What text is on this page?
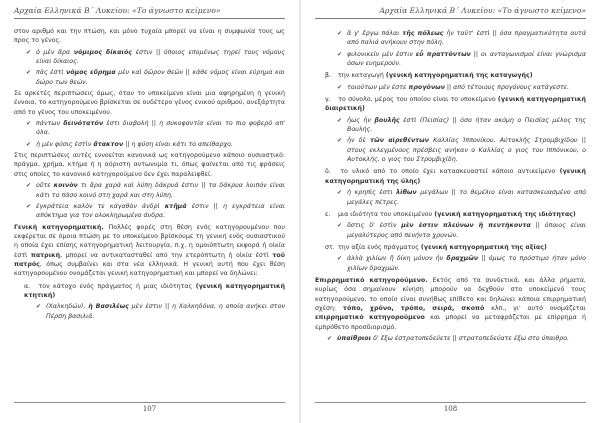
Αρχαία Ελληνικά Β΄ Λυκείου: «Το άγνωστο κείμενο»

στον αριθμό και την πτώση, και μόνο τυχαία μπορεί να είναι η συμφωνία τους ως προς το γένος.

✔ ὁ μὲν ἄρα νόμιμος δίκαιός ἐστιν || όποιος επομένως τηρεί τους νόμους είναι δίκαιος.
✔ πᾶς ἐστὶ νόμος εὕρημα μὲν καὶ δῶρον θεῶν || κάθε νόμος είναι εύρημα και δώρο των θεών.

Σε αρκετές περιπτώσεις όμως, όταν το υποκείμενο είναι μια αφηρημένη ή γενική έννοια, το κατηγορούμενο βρίσκεται σε ουδέτερο γένος ενικού αριθμού, ανεξάρτητα από το γένος του υποκειμένου.

✔ πάντων δεινότατόν ἐστι διαβολή || η συκοφαντία είναι το πιο φοβερό απ' όλα.
✔ ἡ μὲν φύσις ἐστὶν ἄτακτον || η φύση είναι κάτι το απείθαρχο.

Στις περιπτώσεις αυτές εννοείται κανονικά ως κατηγορούμενο κάποιο ουσιαστικό: πράγμα, χρήμα, κτήμα ή η αόριστη αντωνυμία τι, όπως φαίνεται από τις φράσεις στις οποίες το κανονικό κατηγορούμενο δεν έχει παραλειφθεί.

✔ οὔτε κοινὸν τι ἄρα χαρὰ καὶ λύπη δάκρυά ἐστιν || τα δάκρυα λοιπόν είναι κάτι το πάσο κοινό στη χαρά και στη λύπη.
✔ ἐγκράτεια καλὸν τε κἀγαθὸν ἀνδρὶ κτῆμά ἐστιν || η εγκράτεια είναι απόκτημα για τον ολοκληρωμένο άνδρα.

Γενική κατηγορηματική. Πολλές φορές στη θέση ενός κατηγορουμένου που εκφέρεται σε όμοια πτώση με το υποκείμενο βρίσκουμε τη γενική ενός ουσιαστικού η οποία έχει επίσης κατηγορηματική λειτουργία, π.χ. η ομοιόπτωτη εκφορά ἡ οἰκία ἐστὶ πατρική, μπορεί να αντικατασταθεί από την ετερόπτωτη ἡ οἰκία ἐστὶ τοῦ πατρός, όπως συμβαίνει και στα νέα ελληνικά. Η γενική αυτή που έχει θέση κατηγορουμένου ονομάζεται γενική κατηγορηματική και μπορεί να δηλώνει:

α. τον κάτοχο ενός πράγματος ή μιας ιδιότητας (γενική κατηγορηματική κτητική)
✔ (Χαλκηδών), ἡ Βασιλέως μὲν ἐστιν || η Χαλκηδόνα, η οποία ανήκει στον Πέρση βασιλιά.
107
Αρχαία Ελληνικά Β΄ Λυκείου: «Το άγνωστο κείμενο»
✔ ἃ γ' ἔργω πάλαι τῆς πόλεως ἦν ταῦτ' ἐστὶ || όσα πραγματικότητα αυτά από παλιά ανήκουν στην πόλη.
✔ φιλονικεῖν μὲν ἐστιν εὖ πραττόντων || οι ανταγωνισμοί είναι γνώρισμα όσων ευημερούν.
β. την καταγωγή (γενική κατηγορηματική της καταγωγής)
✔ τοιούτων μὲν ἐστε προγόνων || από τέτοιους προγόνους κατάγεστε.
γ. το σύνολο, μέρος του οποίου είναι το υποκείμενο (γενική κατηγορηματική διαιρετική)
✔ ἦως ἦν βουλῆς ἐστὶ (Πεισίας) || όσο ήταν ακόμη ο Πεισίας μέλος της Βουλής.
✔ ἦν δὲ τῶν αἱρεθέντων Καλλίας Ἱππονίκου, Αὐτοκλῆς Στρομβιχίδου || στους εκλεγμένους πρέσβεις ανήκαν ο Καλλίας ο γιος του Ιππόνικου, ο Αυτοκλής, ο γιος του Στρομβιχίδη.
δ. το υλικό από το οποίο έχει κατασκευαστεί κάποιο αντικείμενο (γενική κατηγορηματική της ύλης)
✔ ἡ κρηπὶς ἐστι λίθων μεγάλων || το θεμέλιο είναι κατασκευασμένο από μεγάλες πέτρες.
ε. μια ιδιότητα του υποκειμένου (γενική κατηγορηματική της ιδιότητας)
✔ ὅστις δ' ἐστὶν μὲν ἐστιν πλεύνων ἢ πεντήκοντα || όποιος είναι μεγαλύτερος από πενήντα χρονών.
στ. την αξία ενός πράγματος (γενική κατηγορηματική της αξίας)
✔ ἀλλὰ χιλίων ἢ δίκη μόνον ἦν δραχμῶν || όμως το πρόστιμο ήταν μόνο χιλίων δραχμών.

Επιρρηματικό κατηγορούμενο. Εκτός από τα συνδετικά, και άλλα ρήματα, κυρίως όσα σημαίνουν κίνηση μπορούν να δεχθούν στο υποκείμενό τους κατηγορούμενο, το οποίο είναι συνήθως επίθετο και δηλώνει κάποια επιρρηματική σχέση: τόπο, χρόνο, τρόπο, σειρά, σκοπό κλπ., γι' αυτό ονομάζεται επιρρηματικό κατηγορούμενο και μπορεί να μεταφράζεται με επίρρημα ή εμπρόθετο προσδιορισμό.

✔ ὑπαίθριοι δ' ἔξω ἐστρατοπεδεύετε || στρατοπεδεύατε έξω στο ύπαιθρο.
108
